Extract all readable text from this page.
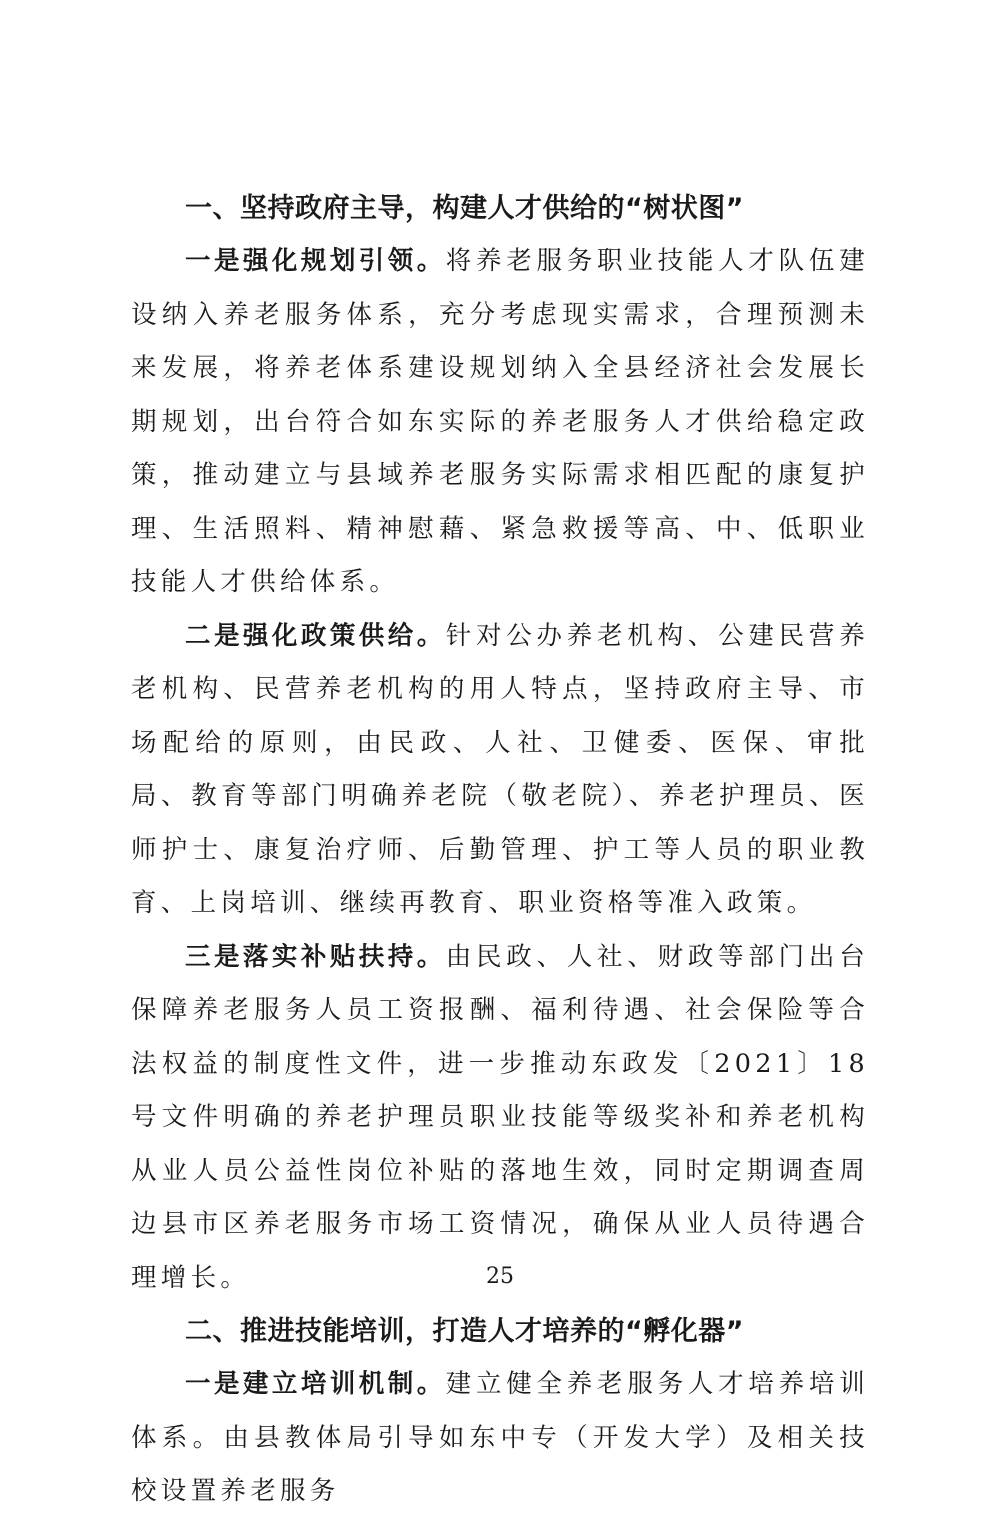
一、坚持政府主导，构建人才供给的“树状图”

一是强化规划引领。将养老服务职业技能人才队伍建设纳入养老服务体系，充分考虑现实需求，合理预测未来发展，将养老体系建设规划纳入全县经济社会发展长期规划，出台符合如东实际的养老服务人才供给稳定政策，推动建立与县域养老服务实际需求相匹配的康复护理、生活照料、精神慰藉、紧急救援等高、中、低职业技能人才供给体系。

二是强化政策供给。针对公办养老机构、公建民营养老机构、民营养老机构的用人特点，坚持政府主导、市场配给的原则，由民政、人社、卫健委、医保、审批局、教育等部门明确养老院（敬老院）、养老护理员、医师护士、康复治疗师、后勤管理、护工等人员的职业教育、上岗培训、继续再教育、职业资格等准入政策。

三是落实补贴扶持。由民政、人社、财政等部门出台保障养老服务人员工资报酬、福利待遇、社会保险等合法权益的制度性文件，进一步推动东政发〔2021〕18号文件明确的养老护理员职业技能等级奖补和养老机构从业人员公益性岗位补贴的落地生效，同时定期调查周边县市区养老服务市场工资情况，确保从业人员待遇合理增长。

二、推进技能培训，打造人才培养的“孵化器”

一是建立培训机制。建立健全养老服务人才培养培训体系。由县教体局引导如东中专（开发大学）及相关技校设置养老服务

25
